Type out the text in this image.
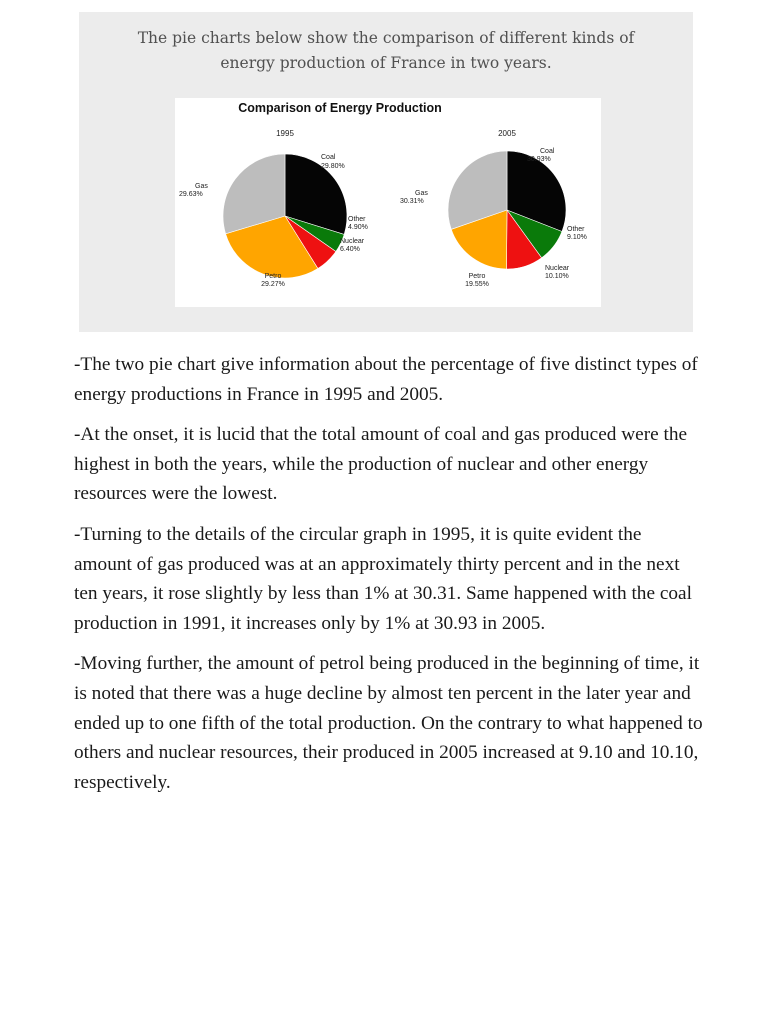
The pie charts below show the comparison of different kinds of
energy production of France in two years.
Comparison of Energy Production
1995
Coal
29.80%
Other
4.90%
Nuclear
6.40%
Petro
29.27%
Gas
29.63%
2005
Coal
30.93%
Other
9.10%
Nuclear
10.10%
Petro
19.55%
Gas
30.31%

-The two pie chart give information about the percentage of five distinct types of energy productions in France in 1995 and 2005.

-At the onset, it is lucid that the total amount of coal and gas produced were the highest in both the years, while the production of nuclear and other energy resources were the lowest.

-Turning to the details of the circular graph in 1995, it is quite evident the amount of gas produced was at an approximately thirty percent and in the next ten years, it rose slightly by less than 1% at 30.31. Same happened with the coal production in 1991, it increases only by 1% at 30.93 in 2005.

-Moving further, the amount of petrol being produced in the beginning of time, it is noted that there was a huge decline by almost ten percent in the later year and ended up to one fifth of the total production. On the contrary to what happened to others and nuclear resources, their produced in 2005 increased at 9.10 and 10.10, respectively.
